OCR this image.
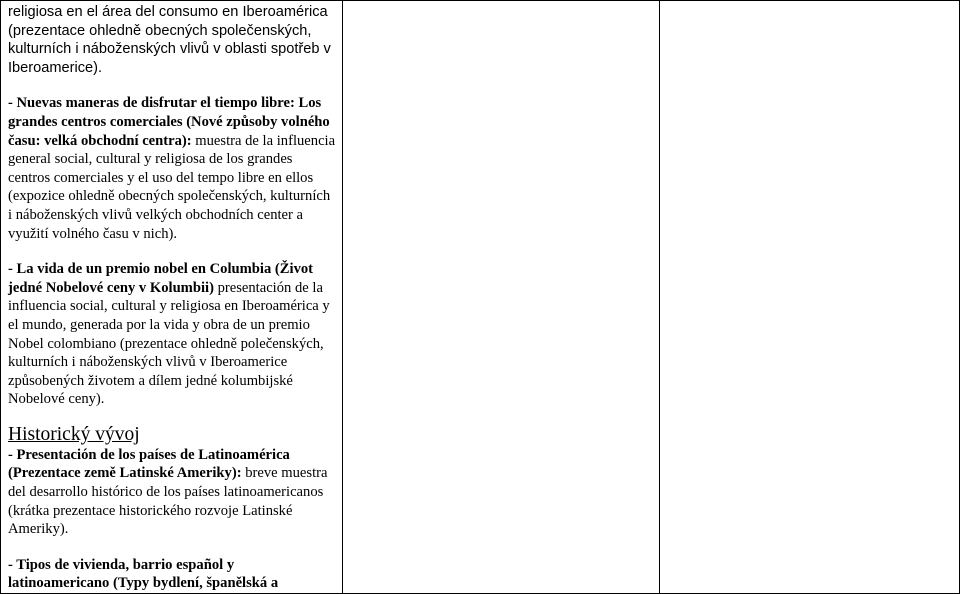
religiosa en el área del consumo en Iberoamérica (prezentace ohledně obecných společenských, kulturních i náboženských vlivů v oblasti spotřeb v Iberoamerice).

- Nuevas maneras de disfrutar el tiempo libre: Los grandes centros comerciales (Nové způsoby volného času: velká obchodní centra): muestra de la influencia general social, cultural y religiosa de los grandes centros comerciales y el uso del tempo libre en ellos (expozice ohledně obecných společenských, kulturních i náboženských vlivů velkých obchodních center a využití volného času v nich).

- La vida de un premio nobel en Columbia (Život jedné Nobelové ceny v Kolumbii) presentación de la influencia social, cultural y religiosa en Iberoamérica y el mundo, generada por la vida y obra de un premio Nobel colombiano (prezentace ohledně polečenských, kulturních i náboženských vlivů v Iberoamerice způsobených životem a dílem jedné kolumbijské Nobelové ceny).

Historický vývoj

- Presentación de los países de Latinoamérica (Prezentace země Latinské Ameriky): breve muestra del desarrollo histórico de los países latinoamericanos (krátka prezentace historického rozvoje Latinské Ameriky).

- Tipos de vivienda, barrio español y latinoamericano (Typy bydlení, španělská a
